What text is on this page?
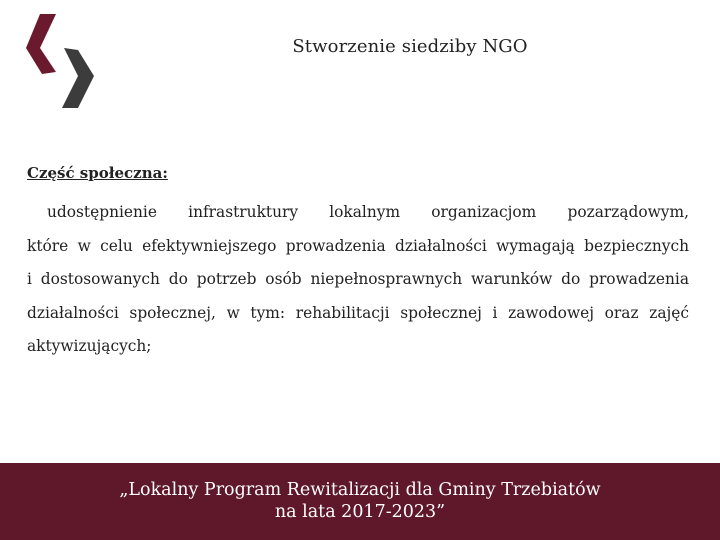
Stworzenie siedziby NGO
Część społeczna:
udostępnienie infrastruktury lokalnym organizacjom pozarządowym,
które w celu efektywniejszego prowadzenia działalności wymagają bezpiecznych
i dostosowanych do potrzeb osób niepełnosprawnych warunków do prowadzenia
działalności społecznej, w tym: rehabilitacji społecznej i zawodowej oraz zajęć
aktywizujących;
„Lokalny Program Rewitalizacji dla Gminy Trzebiatów
na lata 2017-2023”
